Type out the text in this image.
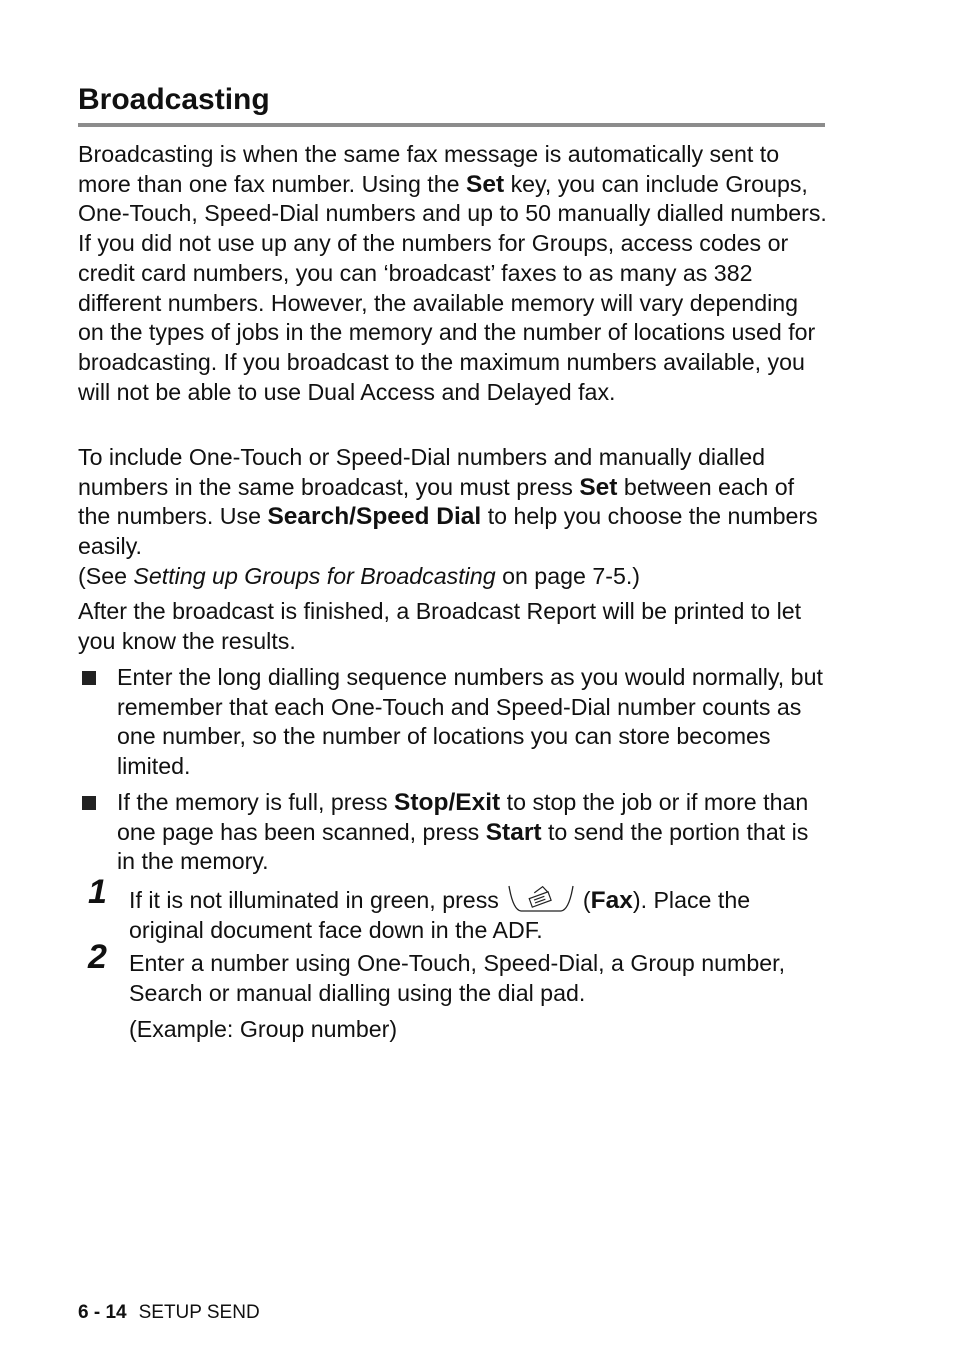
Broadcasting

Broadcasting is when the same fax message is automatically sent to more than one fax number. Using the Set key, you can include Groups, One-Touch, Speed-Dial numbers and up to 50 manually dialled numbers. If you did not use up any of the numbers for Groups, access codes or credit card numbers, you can ‘broadcast’ faxes to as many as 382 different numbers. However, the available memory will vary depending on the types of jobs in the memory and the number of locations used for broadcasting. If you broadcast to the maximum numbers available, you will not be able to use Dual Access and Delayed fax.

To include One-Touch or Speed-Dial numbers and manually dialled numbers in the same broadcast, you must press Set between each of the numbers. Use Search/Speed Dial to help you choose the numbers easily.
(See Setting up Groups for Broadcasting on page 7-5.)

After the broadcast is finished, a Broadcast Report will be printed to let you know the results.

Enter the long dialling sequence numbers as you would normally, but remember that each One-Touch and Speed-Dial number counts as one number, so the number of locations you can store becomes limited.

If the memory is full, press Stop/Exit to stop the job or if more than one page has been scanned, press Start to send the portion that is in the memory.

1 If it is not illuminated in green, press	(Fax). Place the original document face down in the ADF.

2 Enter a number using One-Touch, Speed-Dial, a Group number, Search or manual dialling using the dial pad.

(Example: Group number)

6 - 14 SETUP SEND
